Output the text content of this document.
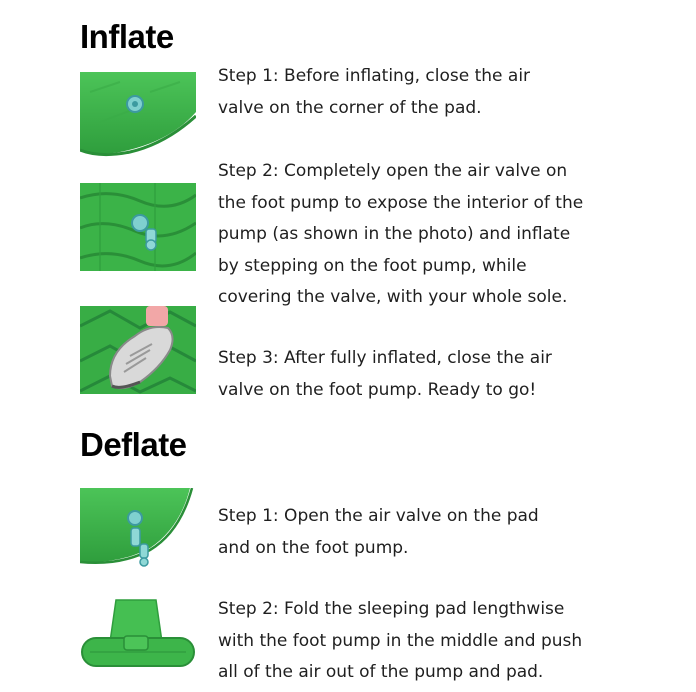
Inflate
Step 1: Before inflating, close the air
valve on the corner of the pad.
Step 2: Completely open the air valve on
the foot pump to expose the interior of the
pump (as shown in the photo) and inflate
by stepping on the foot pump, while
covering the valve, with your whole sole.
Step 3: After fully inflated, close the air
valve on the foot pump. Ready to go!
Deflate
Step 1: Open the air valve on the pad
and on the foot pump.
Step 2: Fold the sleeping pad lengthwise
with the foot pump in the middle and push
all of the air out of the pump and pad.
